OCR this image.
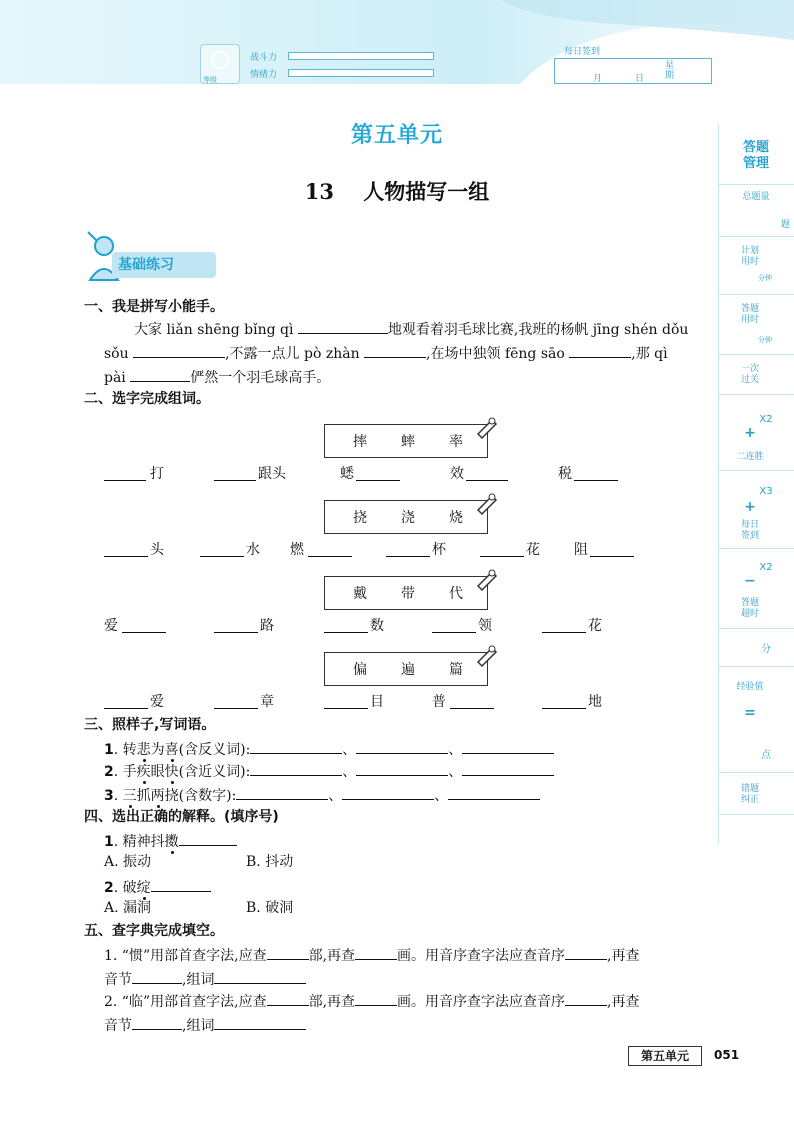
等级
战斗力
情绪力
每日签到
月	日
星期
第五单元
13 人物描写一组
基础练习
一、我是拼写小能手。
大家 liǎn shēng bǐng qì	地观看着羽毛球比赛,我班的杨帆 jīng shén dǒu
sǒu	,不露一点儿 pò zhàn	,在场中独领 fēng sāo	,那 qì
pài	俨然一个羽毛球高手。
二、选字完成组词。
摔 蟀 率
打	跟头	蟋	效	税
挠 浇 烧
头	水 燃	杯	花 阻
戴 带 代
爱	路	数	领	花
偏 遍 篇
爱	章	目	普	地
三、照样子,写词语。
1. 转悲为喜(含反义词):	、	、
2. 手疾眼快(含近义词):	、	、
3. 三抓两挠(含数字):	、	、
四、选出正确的解释。(填序号)
1. 精神抖擞
A. 振动	B. 抖动
2. 破绽
A. 漏洞	B. 破洞
五、查字典完成填空。
1. “惯”用部首查字法,应查	部,再查	画。用音序查字法应查音序	,再查
音节	,组词
2. “临”用部首查字法,应查	部,再查	画。用音序查字法应查音序	,再查
音节	,组词
答题
管理
总题量
题
计划
用时
分钟
答题
用时
分钟
一次
过关
X2
+
二连胜
X3
+
每日
签到
X2
−
答题
超时
分
经验值
=
点
错题
纠正
第五单元	051
